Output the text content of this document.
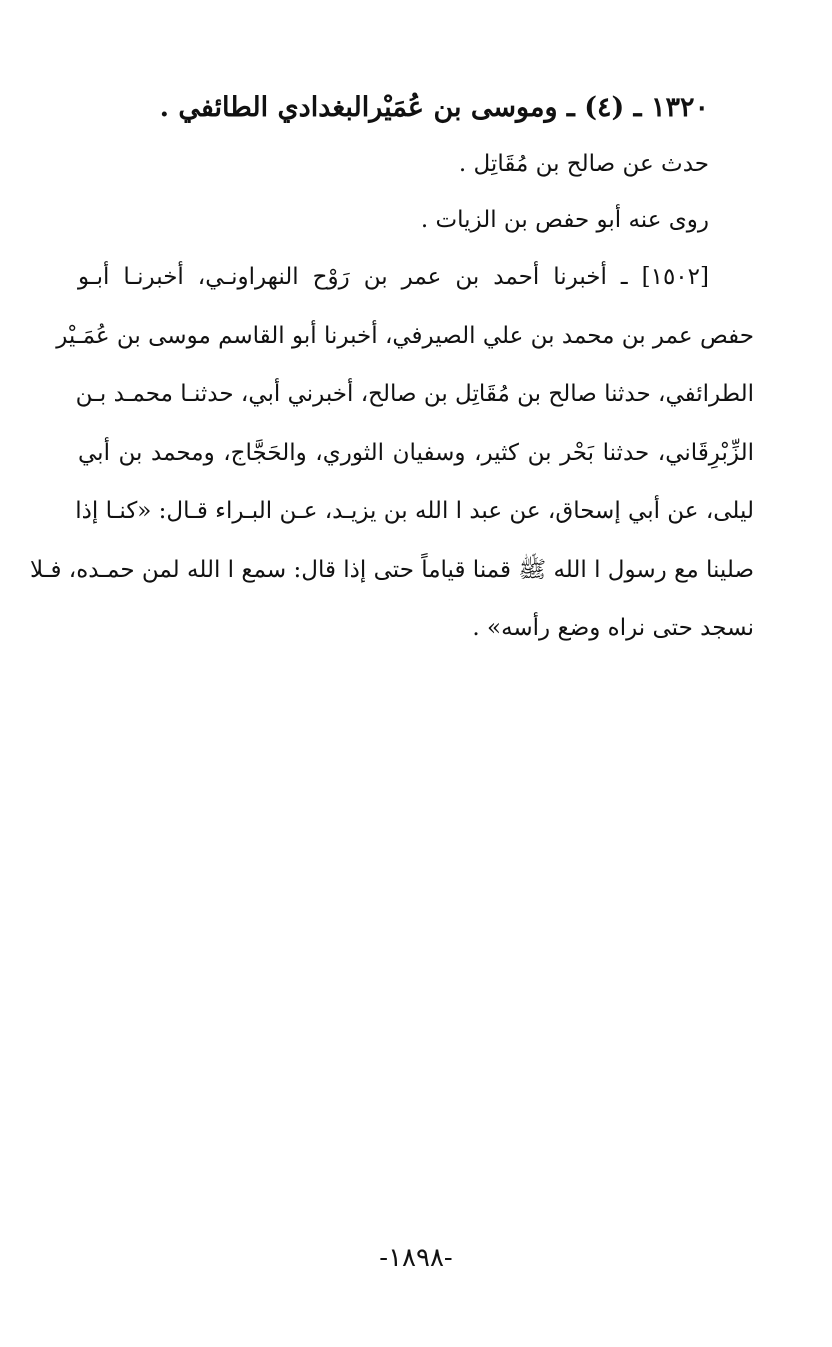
١٣٢٠ ـ (٤) ـ وموسى بن عُمَيْرالبغدادي الطائفي .
حدث عن صالح بن مُقَاتِل .
روى عنه أبو حفص بن الزيات .
[١٥٠٢] ـ أخبرنا أحمد بن عمر بن رَوْح النهراونـي، أخبرنـا أبـو
حفص عمر بن محمد بن علي الصيرفي، أخبرنا أبو القاسم موسى بن عُمَـيْر
الطرائفي، حدثنا صالح بن مُقَاتِل بن صالح، أخبرني أبي، حدثنـا محمـد بـن
الزِّبْرِقَاني، حدثنا بَحْر بن كثير، وسفيان الثوري، والحَجَّاج، ومحمد بن أبي
ليلى، عن أبي إسحاق، عن عبد ا الله بن يزيـد، عـن البـراء قـال: «كنـا إذا
صلينا مع رسول ا الله ﷺ قمنا قياماً حتى إذا قال: سمع ا الله لمن حمـده، فـلا
نسجد حتى نراه وضع رأسه» .
-١٨٩٨-
